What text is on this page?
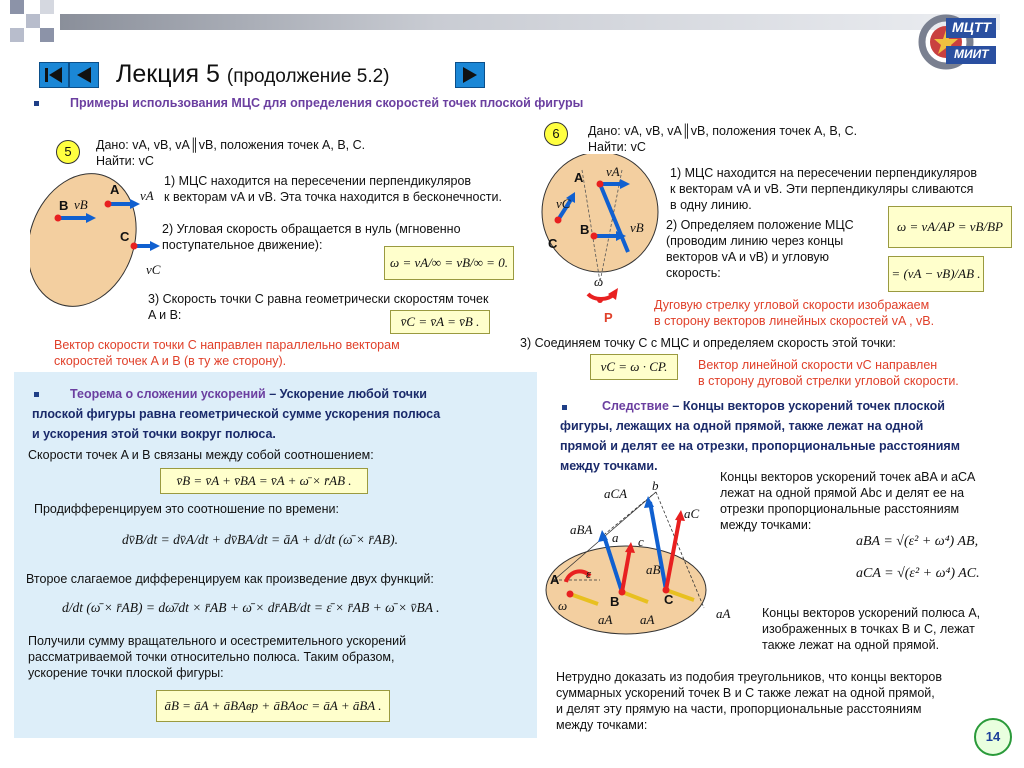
Лекция 5 (продолжение 5.2)
МЦТТ
МИИТ
Примеры использования МЦС для определения скоростей точек плоской фигуры
5	Дано: vA, vB, vA║vB, положения точек A, B, C.
Найти: vC
A
B
C
vA
vB
vC
1) МЦС находится на пересечении перпендикуляров
к векторам vA и vB. Эта точка находится в бесконечности.
2) Угловая скорость обращается в нуль (мгновенно
поступательное движение):
ω = vA/∞ = vB/∞ = 0.
3) Скорость точки C равна геометрически скоростям точек
A и B:	v̄C = v̄A = v̄B .
Вектор скорости точки C направлен параллельно векторам
скоростей точек A и B (в ту же сторону).
6	Дано: vA, vB, vA║vB, положения точек A, B, C.
Найти: vC
A
B
C
P
ω
vA
vB
vC
1) МЦС находится на пересечении перпендикуляров
к векторам vA и vB. Эти перпендикуляры сливаются
в одну линию.
2) Определяем положение МЦС
(проводим линию через концы
векторов vA и vB) и угловую
скорость:
ω = vA/AP = vB/BP
= (vA − vB)/AB .
Дуговую стрелку угловой скорости изображаем
в сторону векторов линейных скоростей vA , vB.
3) Соединяем точку C с МЦС и определяем скорость этой точки:
vC = ω · CP.	Вектор линейной скорости vC направлен
в сторону дуговой стрелки угловой скорости.
Теорема о сложении ускорений – Ускорение любой точки
плоской фигуры равна геометрической сумме ускорения полюса
и ускорения этой точки вокруг полюса.
Скорости точек A и B связаны между собой соотношением:
v̄B = v̄A + v̄BA = v̄A + ω̄ × r̄AB .
Продифференцируем это соотношение по времени:
dv̄B/dt = dv̄A/dt + dv̄BA/dt = āA + d/dt (ω̄ × r̄AB).
Второе слагаемое дифференцируем как произведение двух функций:
d/dt (ω̄ × r̄AB) = dω̄/dt × r̄AB + ω̄ × dr̄AB/dt = ε̄ × r̄AB + ω̄ × v̄BA .
Получили сумму вращательного и осестремительного ускорений
рассматриваемой точки относительно полюса. Таким образом,
ускорение точки плоской фигуры:
āB = āA + āBAвр + āBAос = āA + āBA .
Следствие – Концы векторов ускорений точек плоской
фигуры, лежащих на одной прямой, также лежат на одной
прямой и делят ее на отрезки, пропорциональные расстояниям
между точками.
aCA
aBA
aB
aC
aA
aA aA
b
a c
ε
ω
A
B	C
Концы векторов ускорений точек aBA и aCA
лежат на одной прямой Abc и делят ее на
отрезки пропорциональные расстояниям
между точками:
aBA = √(ε² + ω⁴) AB,
aCA = √(ε² + ω⁴) AC.
Концы векторов ускорений полюса A,
изображенных в точках B и C, лежат
также лежат на одной прямой.
Нетрудно доказать из подобия треугольников, что концы векторов
суммарных ускорений точек B и C также лежат на одной прямой,
и делят эту прямую на части, пропорциональные расстояниям
между точками:
14
